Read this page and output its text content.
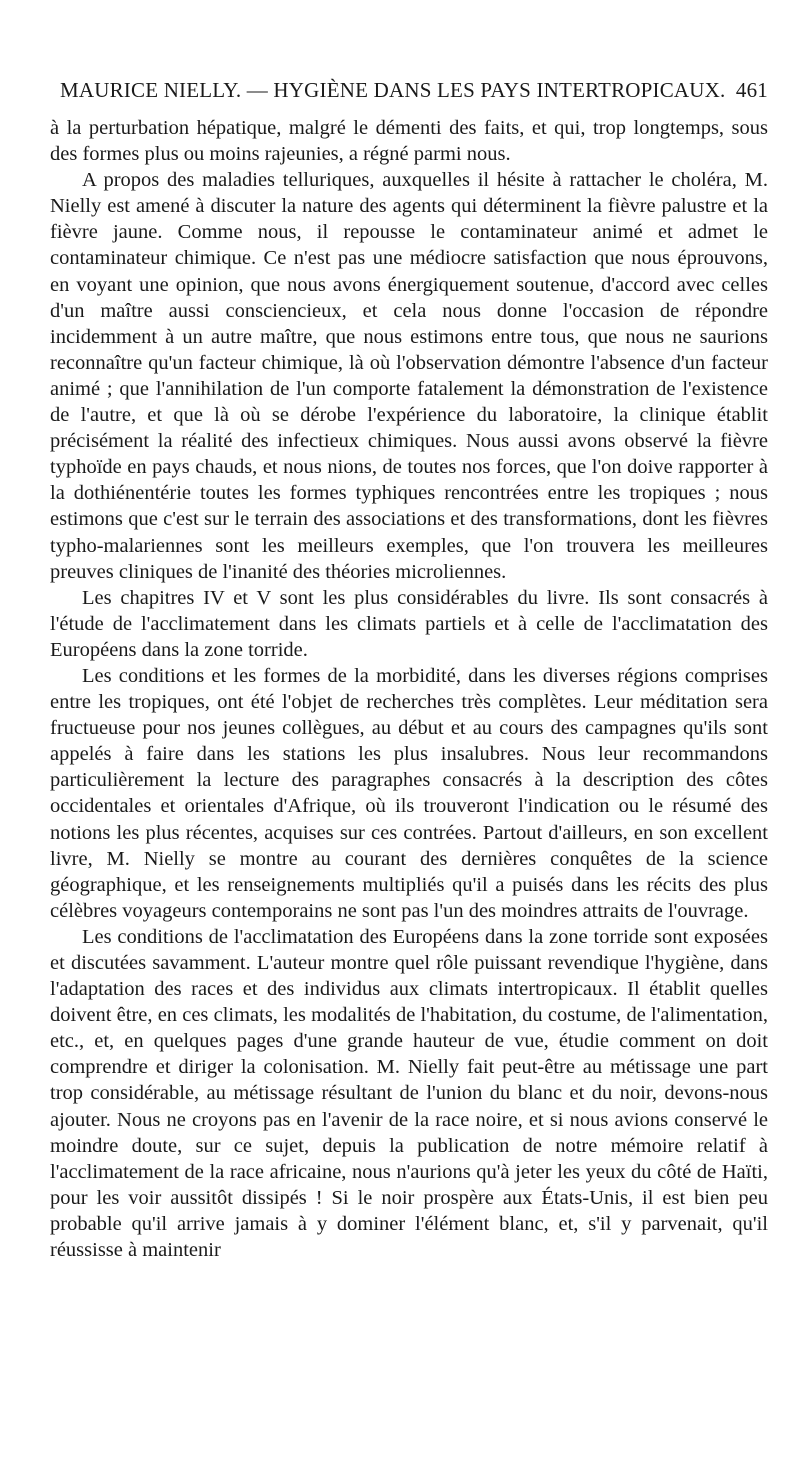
MAURICE NIELLY. — HYGIÈNE DANS LES PAYS INTERTROPICAUX. 461

à la perturbation hépatique, malgré le démenti des faits, et qui, trop longtemps, sous des formes plus ou moins rajeunies, a régné parmi nous.

A propos des maladies telluriques, auxquelles il hésite à rattacher le choléra, M. Nielly est amené à discuter la nature des agents qui déterminent la fièvre palustre et la fièvre jaune. Comme nous, il repousse le contaminateur animé et admet le contaminateur chimique. Ce n'est pas une médiocre satisfaction que nous éprouvons, en voyant une opinion, que nous avons énergiquement soutenue, d'accord avec celles d'un maître aussi consciencieux, et cela nous donne l'occasion de répondre incidemment à un autre maître, que nous estimons entre tous, que nous ne saurions reconnaître qu'un facteur chimique, là où l'observation démontre l'absence d'un facteur animé ; que l'annihilation de l'un comporte fatalement la démonstration de l'existence de l'autre, et que là où se dérobe l'expérience du laboratoire, la clinique établit précisément la réalité des infectieux chimiques. Nous aussi avons observé la fièvre typhoïde en pays chauds, et nous nions, de toutes nos forces, que l'on doive rapporter à la dothiénentérie toutes les formes typhiques rencontrées entre les tropiques ; nous estimons que c'est sur le terrain des associations et des transformations, dont les fièvres typho-malariennes sont les meilleurs exemples, que l'on trouvera les meilleures preuves cliniques de l'inanité des théories microliennes.

Les chapitres IV et V sont les plus considérables du livre. Ils sont consacrés à l'étude de l'acclimatement dans les climats partiels et à celle de l'acclimatation des Européens dans la zone torride.

Les conditions et les formes de la morbidité, dans les diverses régions comprises entre les tropiques, ont été l'objet de recherches très complètes. Leur méditation sera fructueuse pour nos jeunes collègues, au début et au cours des campagnes qu'ils sont appelés à faire dans les stations les plus insalubres. Nous leur recommandons particulièrement la lecture des paragraphes consacrés à la description des côtes occidentales et orientales d'Afrique, où ils trouveront l'indication ou le résumé des notions les plus récentes, acquises sur ces contrées. Partout d'ailleurs, en son excellent livre, M. Nielly se montre au courant des dernières conquêtes de la science géographique, et les renseignements multipliés qu'il a puisés dans les récits des plus célèbres voyageurs contemporains ne sont pas l'un des moindres attraits de l'ouvrage.

Les conditions de l'acclimatation des Européens dans la zone torride sont exposées et discutées savamment. L'auteur montre quel rôle puissant revendique l'hygiène, dans l'adaptation des races et des individus aux climats intertropicaux. Il établit quelles doivent être, en ces climats, les modalités de l'habitation, du costume, de l'alimentation, etc., et, en quelques pages d'une grande hauteur de vue, étudie comment on doit comprendre et diriger la colonisation. M. Nielly fait peut-être au métissage une part trop considérable, au métissage résultant de l'union du blanc et du noir, devons-nous ajouter. Nous ne croyons pas en l'avenir de la race noire, et si nous avions conservé le moindre doute, sur ce sujet, depuis la publication de notre mémoire relatif à l'acclimatement de la race africaine, nous n'aurions qu'à jeter les yeux du côté de Haïti, pour les voir aussitôt dissipés ! Si le noir prospère aux États-Unis, il est bien peu probable qu'il arrive jamais à y dominer l'élément blanc, et, s'il y parvenait, qu'il réussisse à maintenir
